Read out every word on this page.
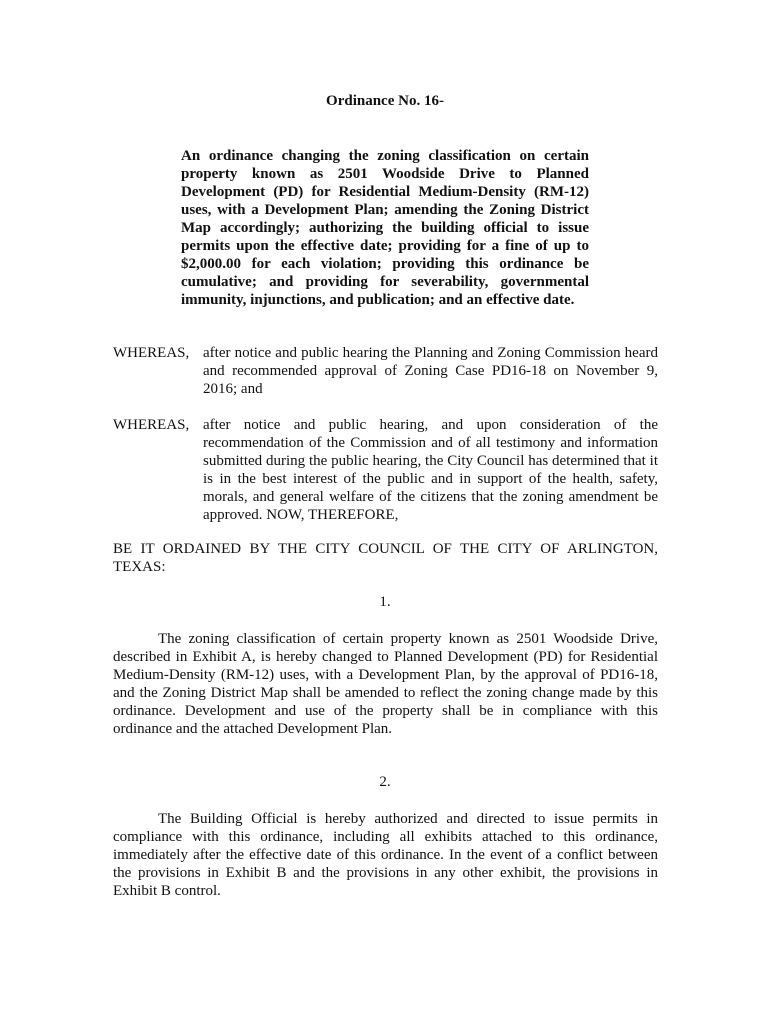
Ordinance No. 16-
An ordinance changing the zoning classification on certain property known as 2501 Woodside Drive to Planned Development (PD) for Residential Medium-Density (RM-12) uses, with a Development Plan; amending the Zoning District Map accordingly; authorizing the building official to issue permits upon the effective date; providing for a fine of up to $2,000.00 for each violation; providing this ordinance be cumulative; and providing for severability, governmental immunity, injunctions, and publication; and an effective date.
WHEREAS, after notice and public hearing the Planning and Zoning Commission heard and recommended approval of Zoning Case PD16-18 on November 9, 2016; and
WHEREAS, after notice and public hearing, and upon consideration of the recommendation of the Commission and of all testimony and information submitted during the public hearing, the City Council has determined that it is in the best interest of the public and in support of the health, safety, morals, and general welfare of the citizens that the zoning amendment be approved. NOW, THEREFORE,
BE IT ORDAINED BY THE CITY COUNCIL OF THE CITY OF ARLINGTON, TEXAS:
1.
The zoning classification of certain property known as 2501 Woodside Drive, described in Exhibit A, is hereby changed to Planned Development (PD) for Residential Medium-Density (RM-12) uses, with a Development Plan, by the approval of PD16-18, and the Zoning District Map shall be amended to reflect the zoning change made by this ordinance. Development and use of the property shall be in compliance with this ordinance and the attached Development Plan.
2.
The Building Official is hereby authorized and directed to issue permits in compliance with this ordinance, including all exhibits attached to this ordinance, immediately after the effective date of this ordinance. In the event of a conflict between the provisions in Exhibit B and the provisions in any other exhibit, the provisions in Exhibit B control.
